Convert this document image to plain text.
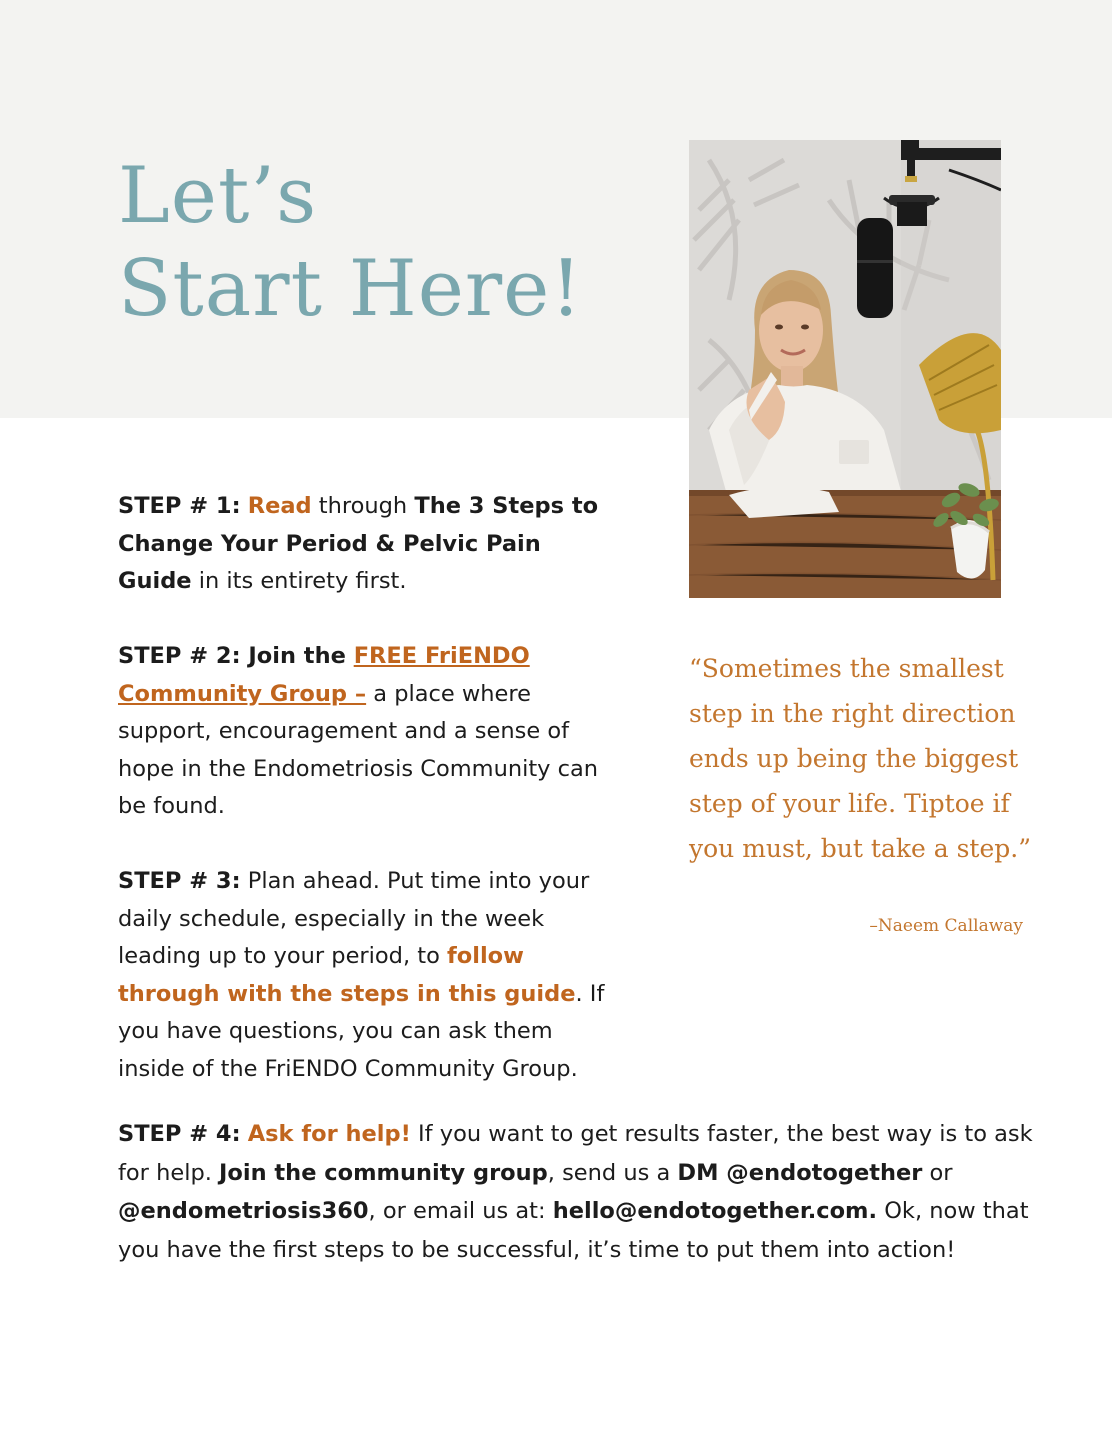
Let’s
Start Here!

STEP # 1: Read through The 3 Steps to Change Your Period & Pelvic Pain Guide in its entirety first.

STEP # 2: Join the FREE FriENDO Community Group – a place where support, encouragement and a sense of hope in the Endometriosis Community can be found.

STEP # 3: Plan ahead. Put time into your daily schedule, especially in the week leading up to your period, to follow through with the steps in this guide. If you have questions, you can ask them inside of the FriENDO Community Group.

STEP # 4: Ask for help! If you want to get results faster, the best way is to ask for help. Join the community group, send us a DM @endotogether or @endometriosis360, or email us at: hello@endotogether.com. Ok, now that you have the first steps to be successful, it’s time to put them into action!

“Sometimes the smallest step in the right direction ends up being the biggest step of your life. Tiptoe if you must, but take a step.”

–Naeem Callaway
